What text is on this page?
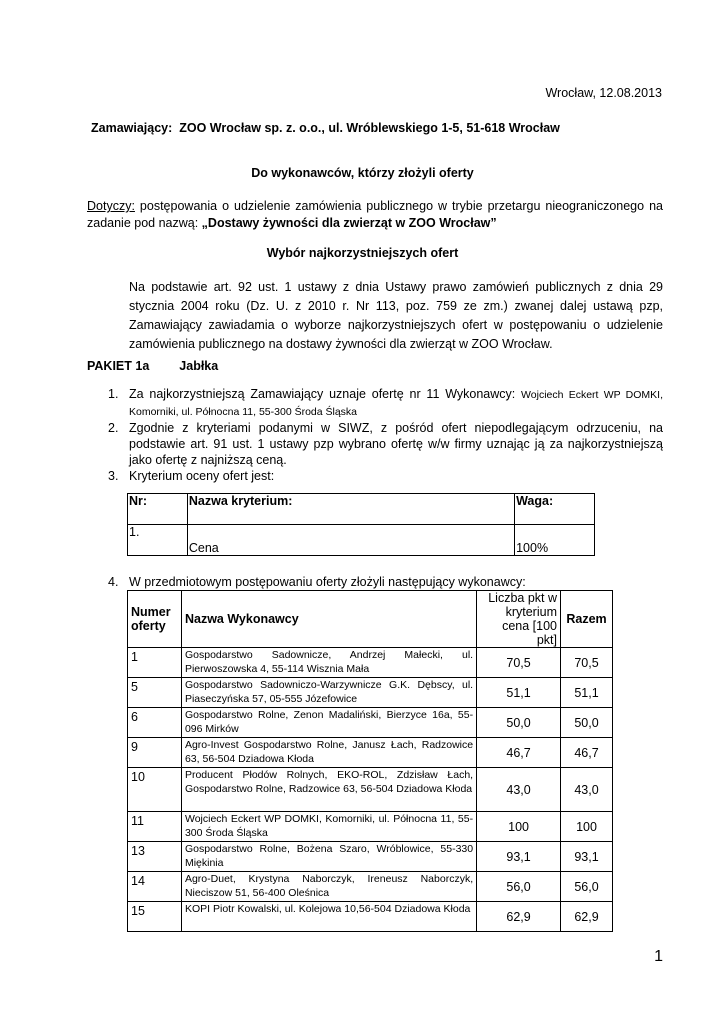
Wrocław, 12.08.2013
Zamawiający: ZOO Wrocław sp. z. o.o., ul. Wróblewskiego 1-5, 51-618 Wrocław
Do wykonawców, którzy złożyli oferty
Dotyczy: postępowania o udzielenie zamówienia publicznego w trybie przetargu nieograniczonego na zadanie pod nazwą: „Dostawy żywności dla zwierząt w ZOO Wrocław”
Wybór najkorzystniejszych ofert
Na podstawie art. 92 ust. 1 ustawy z dnia Ustawy prawo zamówień publicznych z dnia 29 stycznia 2004 roku (Dz. U. z 2010 r. Nr 113, poz. 759 ze zm.) zwanej dalej ustawą pzp, Zamawiający zawiadamia o wyborze najkorzystniejszych ofert w postępowaniu o udzielenie zamówienia publicznego na dostawy żywności dla zwierząt w ZOO Wrocław.
PAKIET 1a Jabłka
1. Za najkorzystniejszą Zamawiający uznaje ofertę nr 11 Wykonawcy: Wojciech Eckert WP DOMKI, Komorniki, ul. Północna 11, 55-300 Środa Śląska
2. Zgodnie z kryteriami podanymi w SIWZ, z pośród ofert niepodlegającym odrzuceniu, na podstawie art. 91 ust. 1 ustawy pzp wybrano ofertę w/w firmy uznając ją za najkorzystniejszą jako ofertę z najniższą ceną.
3. Kryterium oceny ofert jest:
Nr:	Nazwa kryterium:	Waga:
1.	Cena	100%
4. W przedmiotowym postępowaniu oferty złożyli następujący wykonawcy:
Numer oferty	Nazwa Wykonawcy	Liczba pkt w kryterium cena [100 pkt]	Razem
1	Gospodarstwo Sadownicze, Andrzej Małecki, ul. Pierwoszowska 4, 55-114 Wisznia Mała	70,5	70,5
5	Gospodarstwo Sadowniczo-Warzywnicze G.K. Dębscy, ul. Piaseczyńska 57, 05-555 Józefowice	51,1	51,1
6	Gospodarstwo Rolne, Zenon Madaliński, Bierzyce 16a, 55-096 Mirków	50,0	50,0
9	Agro-Invest Gospodarstwo Rolne, Janusz Łach, Radzowice 63, 56-504 Dziadowa Kłoda	46,7	46,7
10	Producent Płodów Rolnych, EKO-ROL, Zdzisław Łach, Gospodarstwo Rolne, Radzowice 63, 56-504 Dziadowa Kłoda	43,0	43,0
11	Wojciech Eckert WP DOMKI, Komorniki, ul. Północna 11, 55-300 Środa Śląska	100	100
13	Gospodarstwo Rolne, Bożena Szaro, Wróblowice, 55-330 Miękinia	93,1	93,1
14	Agro-Duet, Krystyna Naborczyk, Ireneusz Naborczyk, Nieciszow 51, 56-400 Oleśnica	56,0	56,0
15	KOPI Piotr Kowalski, ul. Kolejowa 10,56-504 Dziadowa Kłoda	62,9	62,9
1
